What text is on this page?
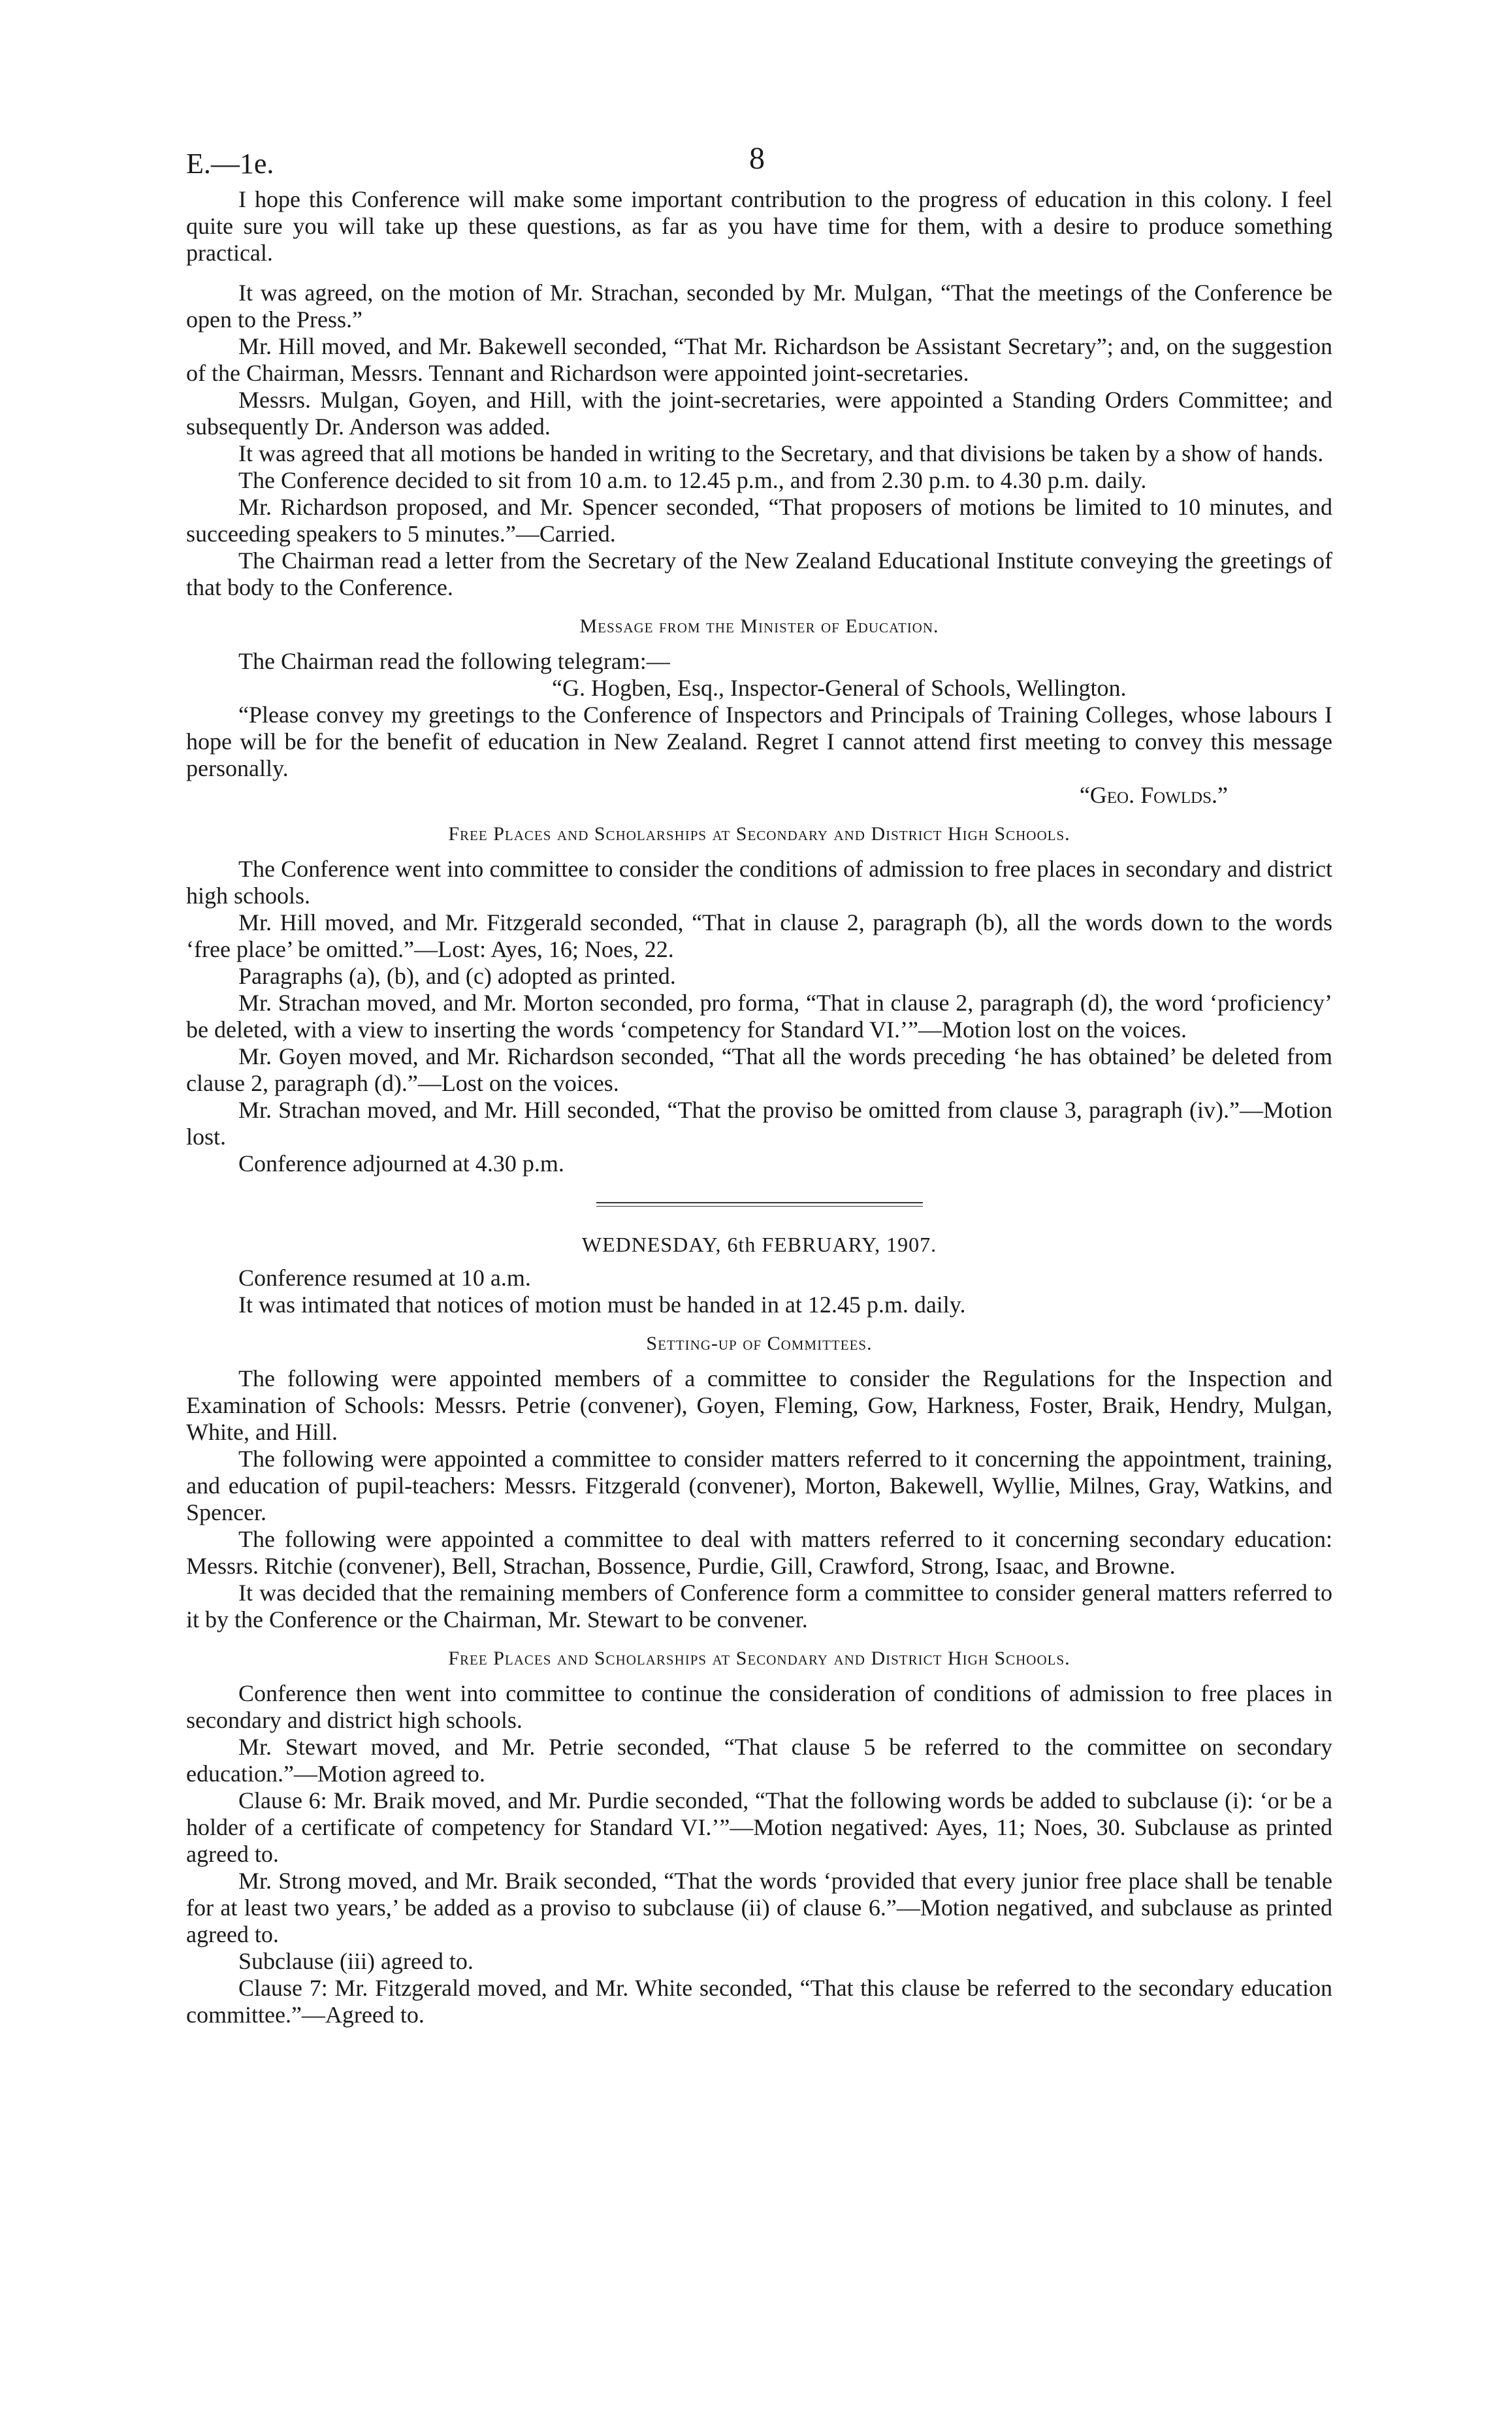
E.—1e.	8

I hope this Conference will make some important contribution to the progress of education in this colony. I feel quite sure you will take up these questions, as far as you have time for them, with a desire to produce something practical.

It was agreed, on the motion of Mr. Strachan, seconded by Mr. Mulgan, “That the meetings of the Conference be open to the Press.”

Mr. Hill moved, and Mr. Bakewell seconded, “That Mr. Richardson be Assistant Secretary”; and, on the suggestion of the Chairman, Messrs. Tennant and Richardson were appointed joint-secretaries.

Messrs. Mulgan, Goyen, and Hill, with the joint-secretaries, were appointed a Standing Orders Committee; and subsequently Dr. Anderson was added.

It was agreed that all motions be handed in writing to the Secretary, and that divisions be taken by a show of hands.

The Conference decided to sit from 10 a.m. to 12.45 p.m., and from 2.30 p.m. to 4.30 p.m. daily.

Mr. Richardson proposed, and Mr. Spencer seconded, “That proposers of motions be limited to 10 minutes, and succeeding speakers to 5 minutes.”—Carried.

The Chairman read a letter from the Secretary of the New Zealand Educational Institute conveying the greetings of that body to the Conference.

Message from the Minister of Education.

The Chairman read the following telegram:—

“G. Hogben, Esq., Inspector-General of Schools, Wellington.

“Please convey my greetings to the Conference of Inspectors and Principals of Training Colleges, whose labours I hope will be for the benefit of education in New Zealand. Regret I cannot attend first meeting to convey this message personally.

“Geo. Fowlds.”

Free Places and Scholarships at Secondary and District High Schools.

The Conference went into committee to consider the conditions of admission to free places in secondary and district high schools.

Mr. Hill moved, and Mr. Fitzgerald seconded, “That in clause 2, paragraph (b), all the words down to the words ‘free place’ be omitted.”—Lost: Ayes, 16; Noes, 22.

Paragraphs (a), (b), and (c) adopted as printed.

Mr. Strachan moved, and Mr. Morton seconded, pro forma, “That in clause 2, paragraph (d), the word ‘proficiency’ be deleted, with a view to inserting the words ‘competency for Standard VI.’”—Motion lost on the voices.

Mr. Goyen moved, and Mr. Richardson seconded, “That all the words preceding ‘he has obtained’ be deleted from clause 2, paragraph (d).”—Lost on the voices.

Mr. Strachan moved, and Mr. Hill seconded, “That the proviso be omitted from clause 3, paragraph (iv).”—Motion lost.

Conference adjourned at 4.30 p.m.

WEDNESDAY, 6th FEBRUARY, 1907.

Conference resumed at 10 a.m.

It was intimated that notices of motion must be handed in at 12.45 p.m. daily.

Setting-up of Committees.

The following were appointed members of a committee to consider the Regulations for the Inspection and Examination of Schools: Messrs. Petrie (convener), Goyen, Fleming, Gow, Harkness, Foster, Braik, Hendry, Mulgan, White, and Hill.

The following were appointed a committee to consider matters referred to it concerning the appointment, training, and education of pupil-teachers: Messrs. Fitzgerald (convener), Morton, Bakewell, Wyllie, Milnes, Gray, Watkins, and Spencer.

The following were appointed a committee to deal with matters referred to it concerning secondary education: Messrs. Ritchie (convener), Bell, Strachan, Bossence, Purdie, Gill, Crawford, Strong, Isaac, and Browne.

It was decided that the remaining members of Conference form a committee to consider general matters referred to it by the Conference or the Chairman, Mr. Stewart to be convener.

Free Places and Scholarships at Secondary and District High Schools.

Conference then went into committee to continue the consideration of conditions of admission to free places in secondary and district high schools.

Mr. Stewart moved, and Mr. Petrie seconded, “That clause 5 be referred to the committee on secondary education.”—Motion agreed to.

Clause 6: Mr. Braik moved, and Mr. Purdie seconded, “That the following words be added to subclause (i): ‘or be a holder of a certificate of competency for Standard VI.’”—Motion negatived: Ayes, 11; Noes, 30. Subclause as printed agreed to.

Mr. Strong moved, and Mr. Braik seconded, “That the words ‘provided that every junior free place shall be tenable for at least two years,’ be added as a proviso to subclause (ii) of clause 6.”—Motion negatived, and subclause as printed agreed to.

Subclause (iii) agreed to.

Clause 7: Mr. Fitzgerald moved, and Mr. White seconded, “That this clause be referred to the secondary education committee.”—Agreed to.
